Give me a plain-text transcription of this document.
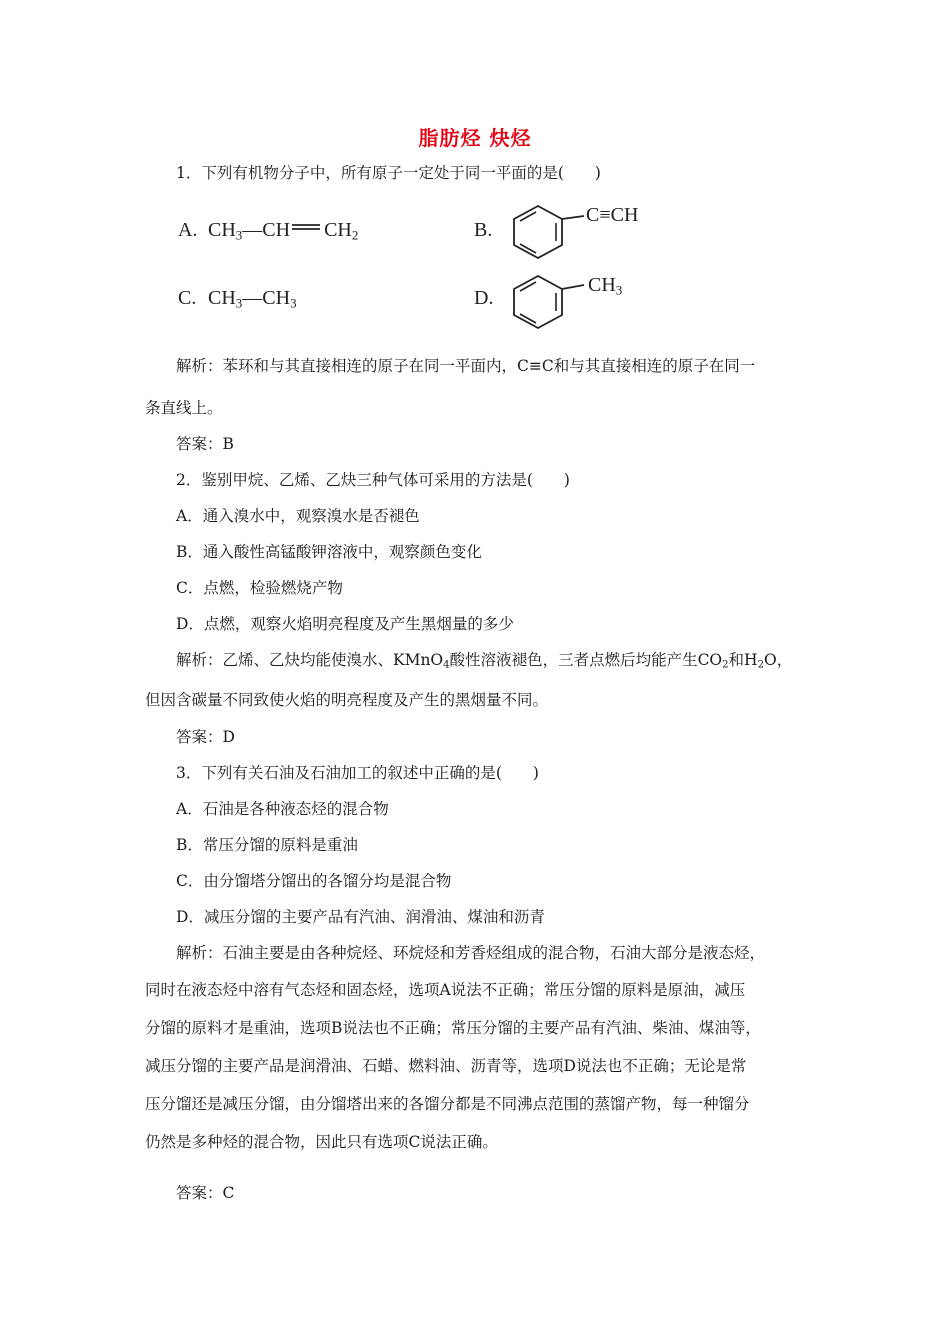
脂肪烃 炔烃
1．下列有机物分子中，所有原子一定处于同一平面的是(　　)
A. $CH_3—CH$ $CH_2$	B.
C≡CH
C. $CH_3—CH_3$	D.
$CH_3$
解析：苯环和与其直接相连的原子在同一平面内，C≡C和与其直接相连的原子在同一
条直线上。
答案：B
2．鉴别甲烷、乙烯、乙炔三种气体可采用的方法是(　　)
A．通入溴水中，观察溴水是否褪色
B．通入酸性高锰酸钾溶液中，观察颜色变化
C．点燃，检验燃烧产物
D．点燃，观察火焰明亮程度及产生黑烟量的多少
解析：乙烯、乙炔均能使溴水、KMnO$_4$酸性溶液褪色，三者点燃后均能产生$CO_2$和$H_2O$，
但因含碳量不同致使火焰的明亮程度及产生的黑烟量不同。
答案：D
3．下列有关石油及石油加工的叙述中正确的是(　　)
A．石油是各种液态烃的混合物
B．常压分馏的原料是重油
C．由分馏塔分馏出的各馏分均是混合物
D．减压分馏的主要产品有汽油、润滑油、煤油和沥青
解析：石油主要是由各种烷烃、环烷烃和芳香烃组成的混合物，石油大部分是液态烃，
同时在液态烃中溶有气态烃和固态烃，选项A说法不正确；常压分馏的原料是原油，减压
分馏的原料才是重油，选项B说法也不正确；常压分馏的主要产品有汽油、柴油、煤油等，
减压分馏的主要产品是润滑油、石蜡、燃料油、沥青等，选项D说法也不正确；无论是常
压分馏还是减压分馏，由分馏塔出来的各馏分都是不同沸点范围的蒸馏产物，每一种馏分
仍然是多种烃的混合物，因此只有选项C说法正确。
答案：C
